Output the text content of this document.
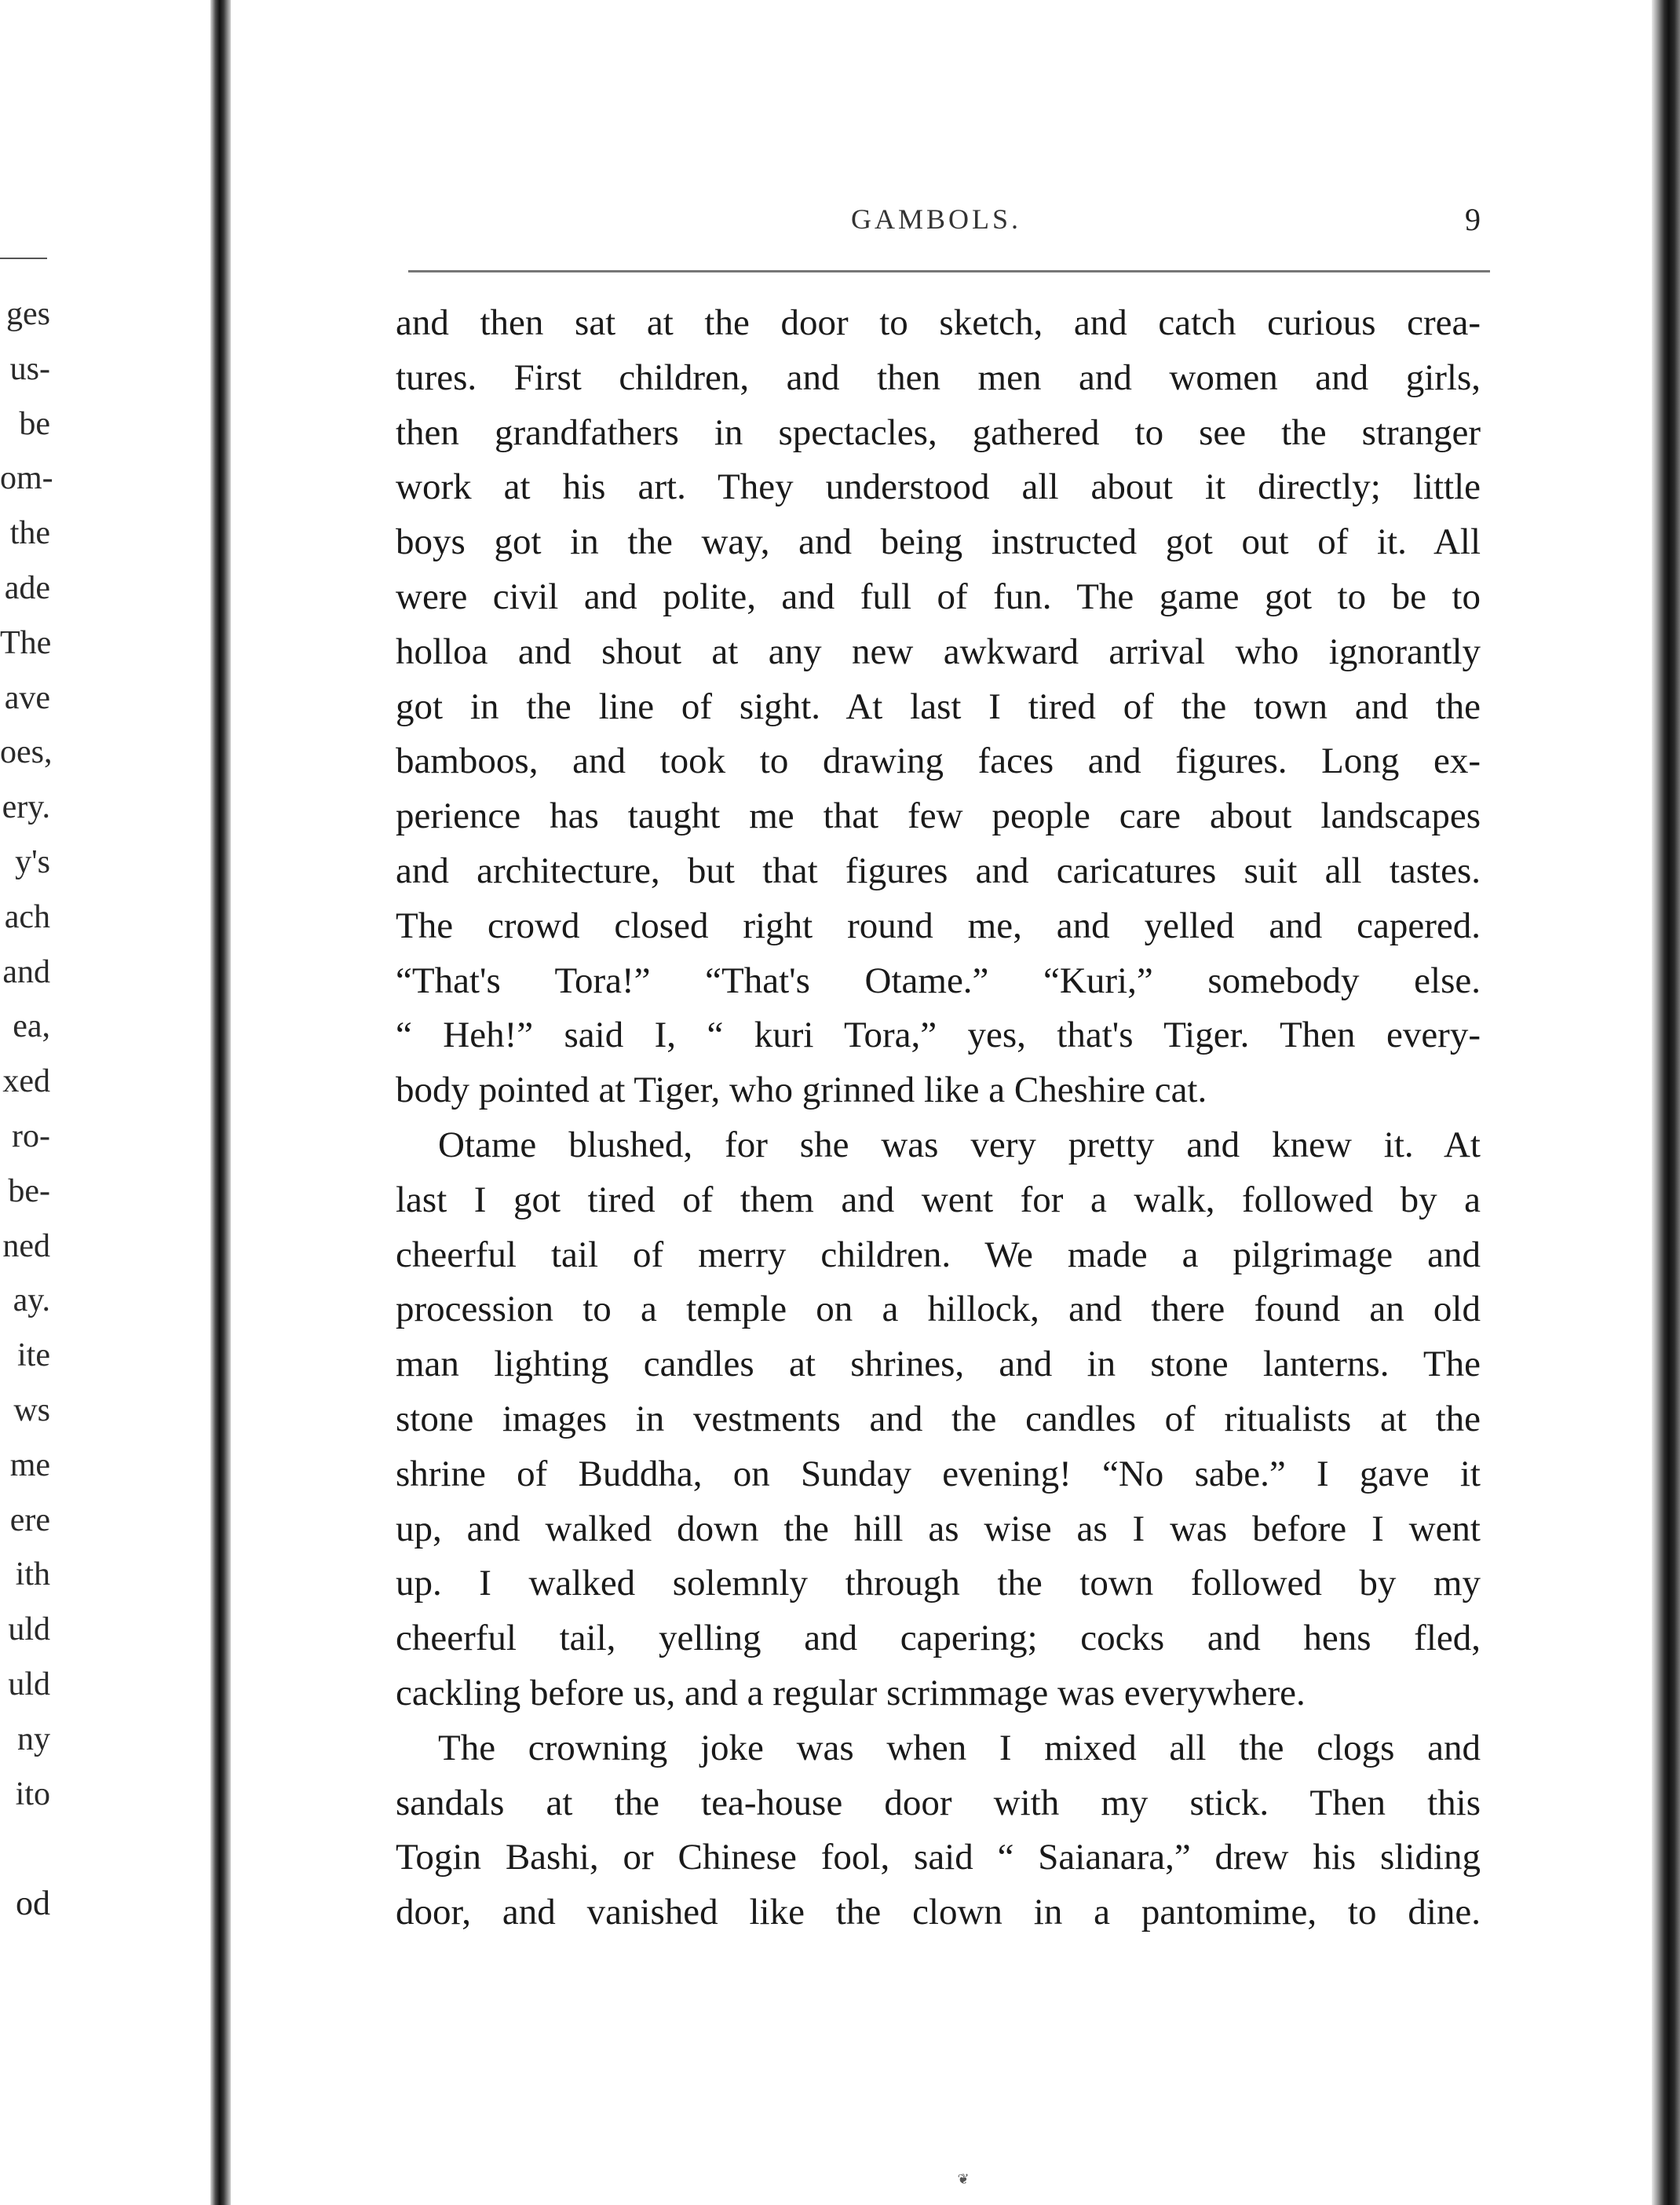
ges
us-
be
om-
the
ade
The
ave
oes,
ery.
y's
ach
and
ea,
xed
ro-
be-
ned
ay.
ite
ws
me
ere
ith
uld
uld
ny
ito
od
GAMBOLS.	9
and then sat at the door to sketch, and catch curious crea-
tures. First children, and then men and women and girls,
then grandfathers in spectacles, gathered to see the stranger
work at his art. They understood all about it directly; little
boys got in the way, and being instructed got out of it. All
were civil and polite, and full of fun. The game got to be to
holloa and shout at any new awkward arrival who ignorantly
got in the line of sight. At last I tired of the town and the
bamboos, and took to drawing faces and figures. Long ex-
perience has taught me that few people care about landscapes
and architecture, but that figures and caricatures suit all tastes.
The crowd closed right round me, and yelled and capered.
“That's Tora!” “That's Otame.” “Kuri,” somebody else.
“ Heh!” said I, “ kuri Tora,” yes, that's Tiger. Then every-
body pointed at Tiger, who grinned like a Cheshire cat.
Otame blushed, for she was very pretty and knew it. At
last I got tired of them and went for a walk, followed by a
cheerful tail of merry children. We made a pilgrimage and
procession to a temple on a hillock, and there found an old
man lighting candles at shrines, and in stone lanterns. The
stone images in vestments and the candles of ritualists at the
shrine of Buddha, on Sunday evening! “No sabe.” I gave it
up, and walked down the hill as wise as I was before I went
up. I walked solemnly through the town followed by my
cheerful tail, yelling and capering; cocks and hens fled,
cackling before us, and a regular scrimmage was everywhere.
The crowning joke was when I mixed all the clogs and
sandals at the tea-house door with my stick. Then this
Togin Bashi, or Chinese fool, said “ Saianara,” drew his sliding
door, and vanished like the clown in a pantomime, to dine.
❦
